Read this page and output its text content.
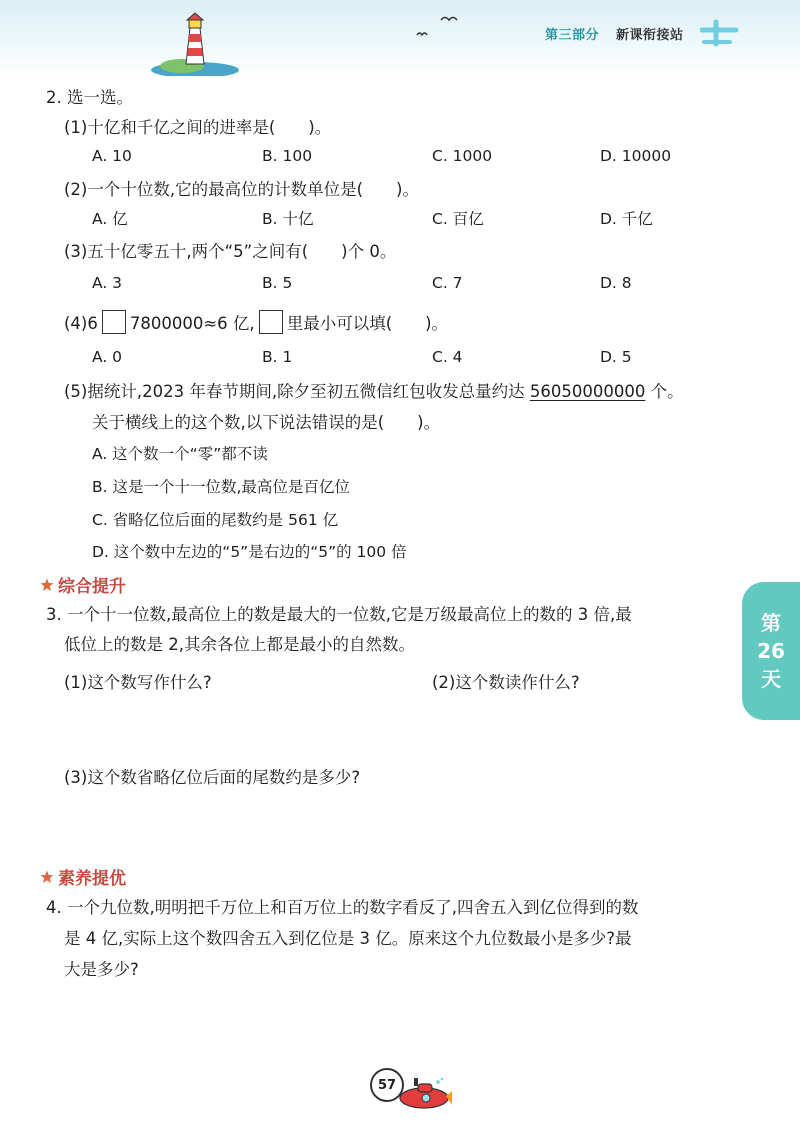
第三部分 新课衔接站
2. 选一选。
(1)十亿和千亿之间的进率是(　　)。
A. 10	B. 100	C. 1000	D. 10000
(2)一个十位数,它的最高位的计数单位是(　　)。
A. 亿	B. 十亿	C. 百亿	D. 千亿
(3)五十亿零五十,两个“5”之间有(　　)个 0。
A. 3	B. 5	C. 7	D. 8
(4)6 7800000≈6 亿, 里最小可以填(　　)。
A. 0	B. 1	C. 4	D. 5
(5)据统计,2023 年春节期间,除夕至初五微信红包收发总量约达 56050000000 个。
关于横线上的这个数,以下说法错误的是(　　)。
A. 这个数一个“零”都不读
B. 这是一个十一位数,最高位是百亿位
C. 省略亿位后面的尾数约是 561 亿
D. 这个数中左边的“5”是右边的“5”的 100 倍
综合提升
3. 一个十一位数,最高位上的数是最大的一位数,它是万级最高位上的数的 3 倍,最
低位上的数是 2,其余各位上都是最小的自然数。
(1)这个数写作什么?	(2)这个数读作什么?
(3)这个数省略亿位后面的尾数约是多少?
素养提优
4. 一个九位数,明明把千万位上和百万位上的数字看反了,四舍五入到亿位得到的数
是 4 亿,实际上这个数四舍五入到亿位是 3 亿。原来这个九位数最小是多少?最
大是多少?
第
26
天
57
